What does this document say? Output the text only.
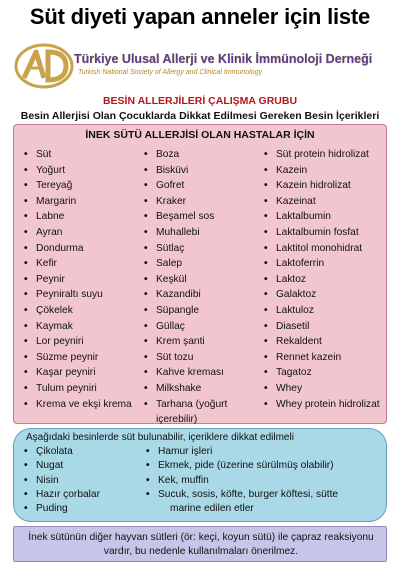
Süt diyeti yapan anneler için liste
Türkiye Ulusal Allerji ve Klinik İmmünoloji Derneği
Turkish National Society of Allergy and Clinical Immunology
BESİN ALLERJİLERİ ÇALIŞMA GRUBU
Besin Allerjisi Olan Çocuklarda Dikkat Edilmesi Gereken Besin İçerikleri
İNEK SÜTÜ ALLERJİSİ OLAN HASTALAR İÇİN
• Süt
• Yoğurt
• Tereyağ
• Margarin
• Labne
• Ayran
• Dondurma
• Kefir
• Peynir
• Peyniraltı suyu
• Çökelek
• Kaymak
• Lor peyniri
• Süzme peynir
• Kaşar peyniri
• Tulum peyniri
• Krema ve ekşi krema
• Boza
• Bisküvi
• Gofret
• Kraker
• Beşamel sos
• Muhallebi
• Sütlaç
• Salep
• Keşkül
• Kazandibi
• Süpangle
• Güllaç
• Krem şanti
• Süt tozu
• Kahve kreması
• Milkshake
• Tarhana (yoğurt içerebilir)
• Süt protein hidrolizat
• Kazein
• Kazein hidrolizat
• Kazeinat
• Laktalbumin
• Laktalbumin fosfat
• Laktitol monohidrat
• Laktoferrin
• Laktoz
• Galaktoz
• Laktuloz
• Diasetil
• Rekaldent
• Rennet kazein
• Tagatoz
• Whey
• Whey protein hidrolizat
Aşağıdaki besinlerde süt bulunabilir, içeriklere dikkat edilmeli
• Çikolata
• Nugat
• Nisin
• Hazır çorbalar
• Puding
• Hamur işleri
• Ekmek, pide (üzerine sürülmüş olabilir)
• Kek, muffin
• Sucuk, sosis, köfte, burger köftesi, sütte
marine edilen etler
İnek sütünün diğer hayvan sütleri (ör: keçi, koyun sütü) ile çapraz reaksiyonu vardır, bu nedenle kullanılmaları önerilmez.
